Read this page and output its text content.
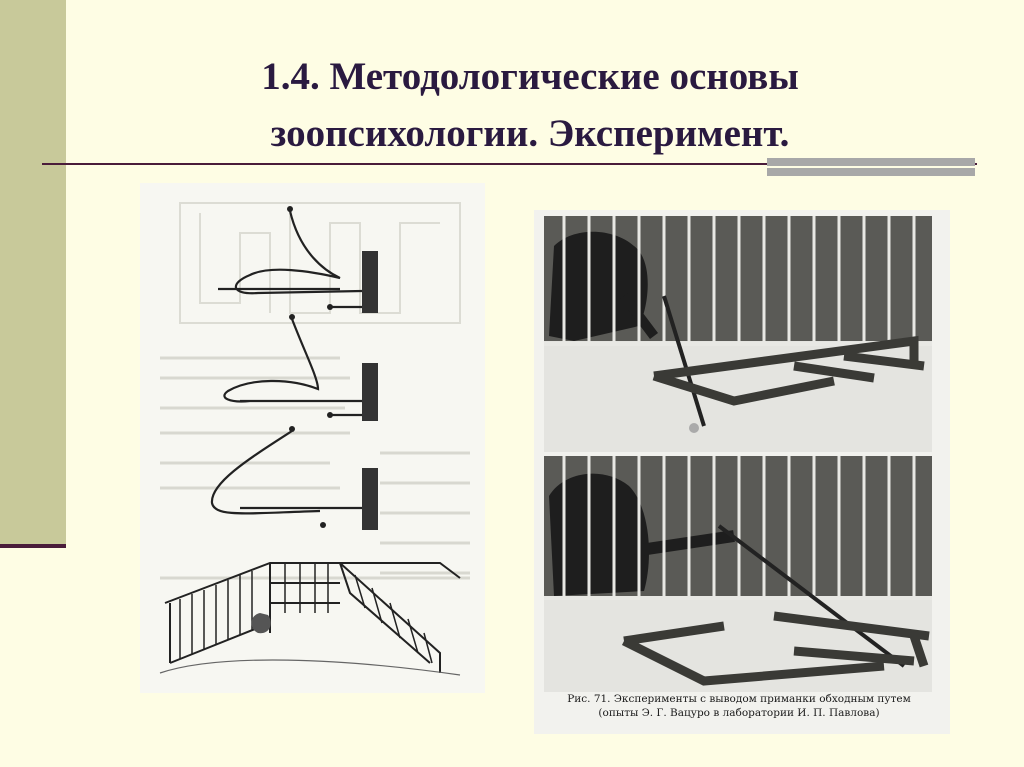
1.4. Методологические основы
зоопсихологии. Эксперимент.
Рис. 71. Эксперименты с выводом приманки обходным путем
(опыты Э. Г. Вацуро в лаборатории И. П. Павлова)
